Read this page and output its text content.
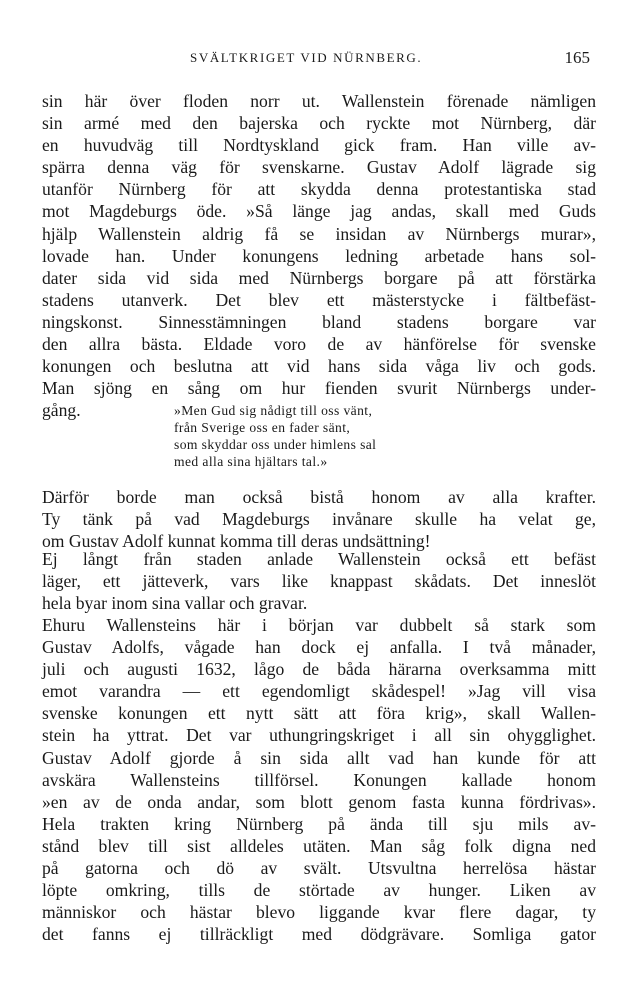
SVÄLTKRIGET VID NÜRNBERG.	165
sin här över floden norr ut. Wallenstein förenade nämligen
sin armé med den bajerska och ryckte mot Nürnberg, där
en huvudväg till Nordtyskland gick fram. Han ville av-
spärra denna väg för svenskarne. Gustav Adolf lägrade sig
utanför Nürnberg för att skydda denna protestantiska stad
mot Magdeburgs öde. »Så länge jag andas, skall med Guds
hjälp Wallenstein aldrig få se insidan av Nürnbergs murar»,
lovade han. Under konungens ledning arbetade hans sol-
dater sida vid sida med Nürnbergs borgare på att förstärka
stadens utanverk. Det blev ett mästerstycke i fältbefäst-
ningskonst. Sinnesstämningen bland stadens borgare var
den allra bästa. Eldade voro de av hänförelse för svenske
konungen och beslutna att vid hans sida våga liv och gods.
Man sjöng en sång om hur fienden svurit Nürnbergs under-
gång.	»Men Gud sig nådigt till oss vänt,
från Sverige oss en fader sänt,
som skyddar oss under himlens sal
med alla sina hjältars tal.»
Därför borde man också bistå honom av alla krafter.
Ty tänk på vad Magdeburgs invånare skulle ha velat ge,
om Gustav Adolf kunnat komma till deras undsättning!
Ej långt från staden anlade Wallenstein också ett befäst
läger, ett jätteverk, vars like knappast skådats. Det inneslöt
hela byar inom sina vallar och gravar.
Ehuru Wallensteins här i början var dubbelt så stark som
Gustav Adolfs, vågade han dock ej anfalla. I två månader,
juli och augusti 1632, lågo de båda härarna overksamma mitt
emot varandra — ett egendomligt skådespel! »Jag vill visa
svenske konungen ett nytt sätt att föra krig», skall Wallen-
stein ha yttrat. Det var uthungringskriget i all sin ohygglighet.
Gustav Adolf gjorde å sin sida allt vad han kunde för att
avskära Wallensteins tillförsel. Konungen kallade honom
»en av de onda andar, som blott genom fasta kunna fördrivas».
Hela trakten kring Nürnberg på ända till sju mils av-
stånd blev till sist alldeles utäten. Man såg folk digna ned
på gatorna och dö av svält. Utsvultna herrelösa hästar
löpte omkring, tills de störtade av hunger. Liken av
människor och hästar blevo liggande kvar flere dagar, ty
det fanns ej tillräckligt med dödgrävare. Somliga gator
